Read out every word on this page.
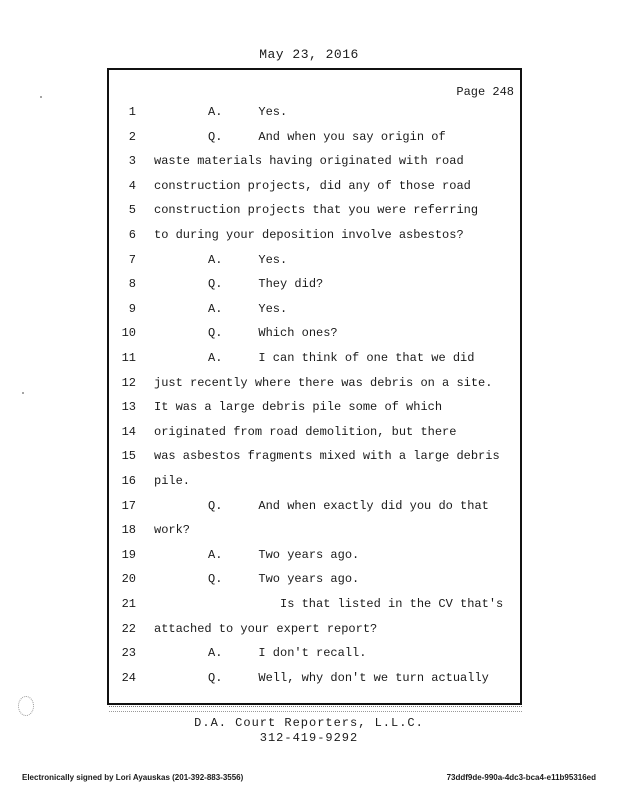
May 23, 2016
Page 248
1	A.     Yes.
2	Q.     And when you say origin of
3 waste materials having originated with road
4 construction projects, did any of those road
5 construction projects that you were referring
6 to during your deposition involve asbestos?
7	A.     Yes.
8	Q.     They did?
9	A.     Yes.
10	Q.     Which ones?
11	A.     I can think of one that we did
12 just recently where there was debris on a site.
13 It was a large debris pile some of which
14 originated from road demolition, but there
15 was asbestos fragments mixed with a large debris
16 pile.
17	Q.     And when exactly did you do that
18 work?
19	A.     Two years ago.
20	Q.     Two years ago.
21	Is that listed in the CV that's
22 attached to your expert report?
23	A.     I don't recall.
24	Q.     Well, why don't we turn actually
D.A. Court Reporters, L.L.C.
312-419-9292
Electronically signed by Lori Ayauskas (201-392-883-3556)	73ddf9de-990a-4dc3-bca4-e11b95316ed
